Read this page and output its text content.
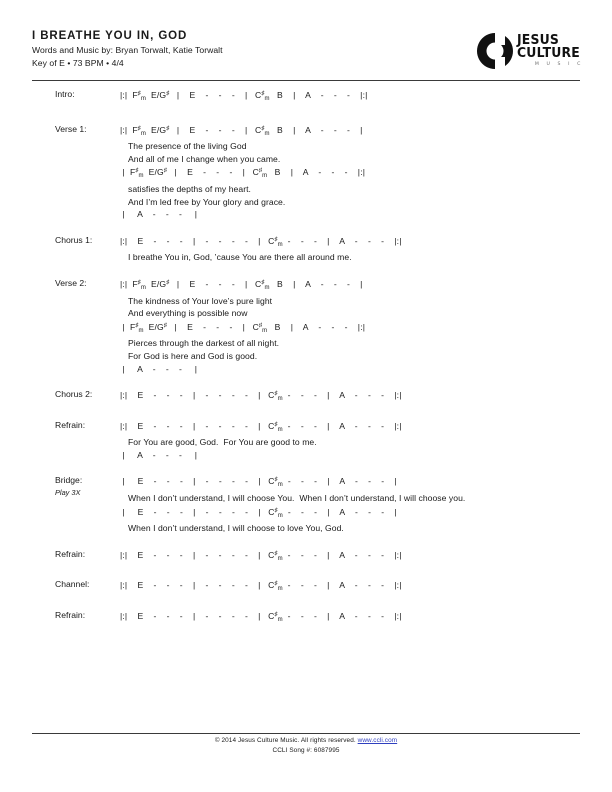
I BREATHE YOU IN, GOD
Words and Music by: Bryan Torwalt, Katie Torwalt
Key of E • 73 BPM • 4/4
JESUS
CULTURE
M U S I C
Intro:	|:|  $F^♯_m$  E/G♯   |    E    -    -    -    |   $C^♯_m$   B    |    A    -    -    -    |:|
Verse 1:	|:|  $F^♯_m$  E/G♯   |    E    -    -    -    |   $C^♯_m$   B    |    A    -    -    -    |
The presence of the living God
And all of me I change when you came.
|  $F^♯_m$  E/G♯   |    E    -    -    -    |   $C^♯_m$   B    |    A    -    -    -    |:|
satisfies the depths of my heart.
And I’m led free by Your glory and grace.
|     A    -    -    -     |
Chorus 1:	|:|    E    -    -    -    |    -    -    -    -    |   $C^♯_m$  -    -    -    |    A    -    -    -    |:|
I breathe You in, God, ’cause You are there all around me.
Verse 2:	|:|  $F^♯_m$  E/G♯   |    E    -    -    -    |   $C^♯_m$   B    |    A    -    -    -    |
The kindness of Your love’s pure light
And everything is possible now
|  $F^♯_m$  E/G♯   |    E    -    -    -    |   $C^♯_m$   B    |    A    -    -    -    |:|
Pierces through the darkest of all night.
For God is here and God is good.
|     A    -    -    -     |
Chorus 2:	|:|    E    -    -    -    |    -    -    -    -    |   $C^♯_m$  -    -    -    |    A    -    -    -    |:|
Refrain:	|:|    E    -    -    -    |    -    -    -    -    |   $C^♯_m$  -    -    -    |    A    -    -    -    |:|
For You are good, God.  For You are good to me.
|     A    -    -    -     |
Bridge:
Play 3X
|     E    -    -    -    |    -    -    -    -    |   $C^♯_m$  -    -    -    |    A    -    -    -    |
When I don’t understand, I will choose You.  When I don’t understand, I will choose you.
|     E    -    -    -    |    -    -    -    -    |   $C^♯_m$  -    -    -    |    A    -    -    -    |
When I don’t understand, I will choose to love You, God.
Refrain:	|:|    E    -    -    -    |    -    -    -    -    |   $C^♯_m$  -    -    -    |    A    -    -    -    |:|
Channel:	|:|    E    -    -    -    |    -    -    -    -    |   $C^♯_m$  -    -    -    |    A    -    -    -    |:|
Refrain:	|:|    E    -    -    -    |    -    -    -    -    |   $C^♯_m$  -    -    -    |    A    -    -    -    |:|
© 2014 Jesus Culture Music. All rights reserved. www.ccli.com
CCLI Song #: 6087995
